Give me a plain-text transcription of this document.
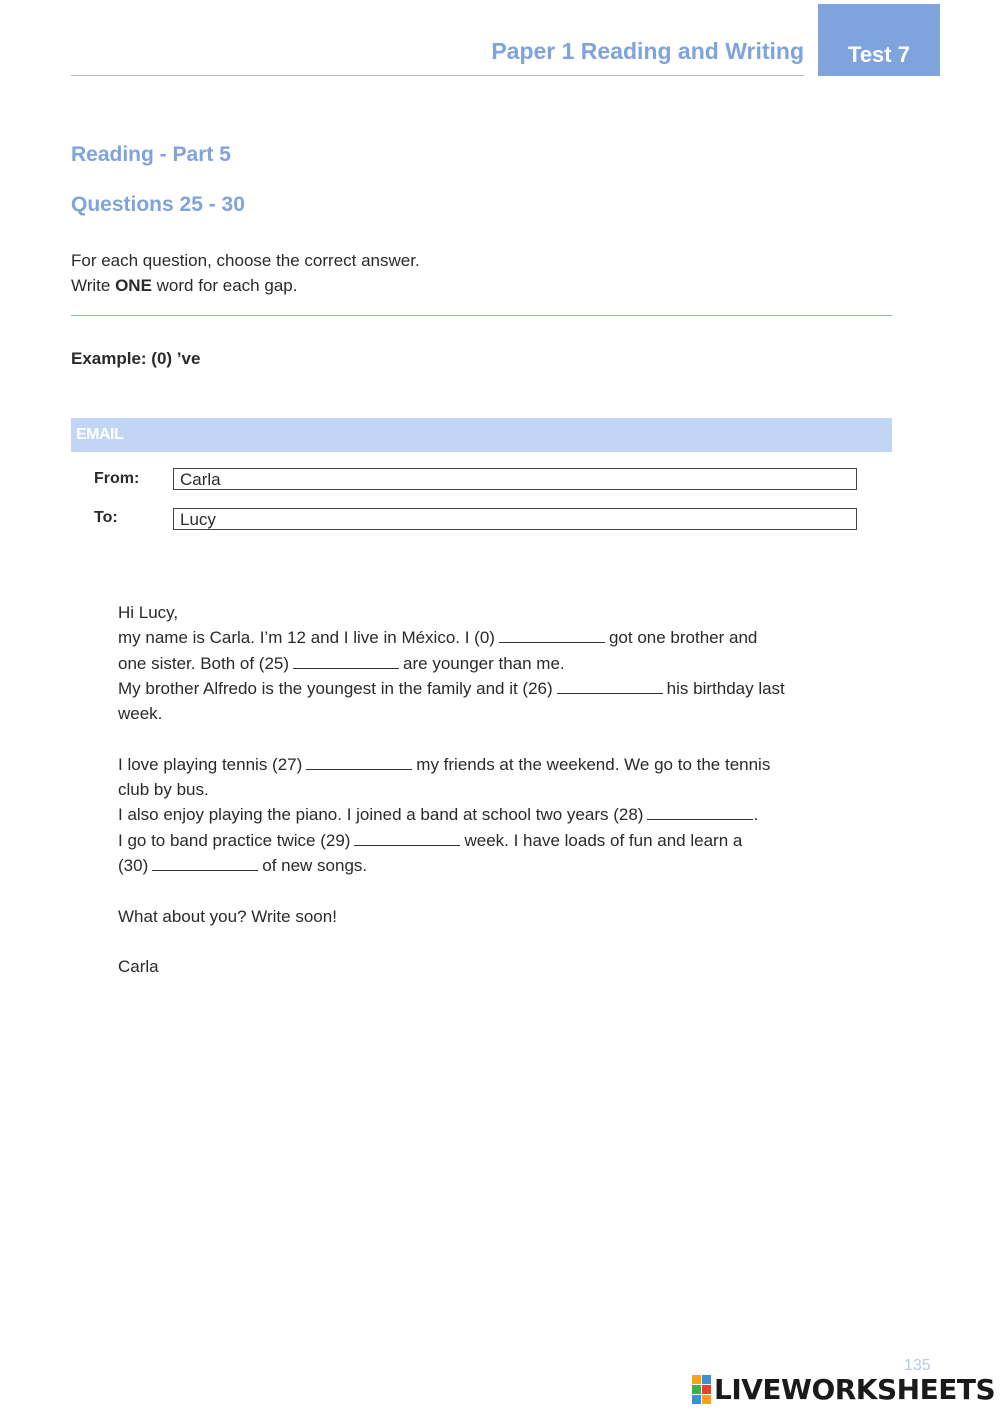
Paper 1 Reading and Writing Test 7
Reading - Part 5
Questions 25 - 30
For each question, choose the correct answer.
Write ONE word for each gap.
Example: (0) ’ve
EMAIL
From:	Carla
To:	Lucy

Hi Lucy,

my name is Carla. I’m 12 and I live in México. I (0)	got one brother and

one sister. Both of (25)	are younger than me.

My brother Alfredo is the youngest in the family and it (26)	his birthday last

week.

I love playing tennis (27)	my friends at the weekend. We go to the tennis

club by bus.

I also enjoy playing the piano. I joined a band at school two years (28)	.

I go to band practice twice (29)	week. I have loads of fun and learn a

(30)	of new songs.

What about you? Write soon!

Carla

135
LIVEWORKSHEETS
